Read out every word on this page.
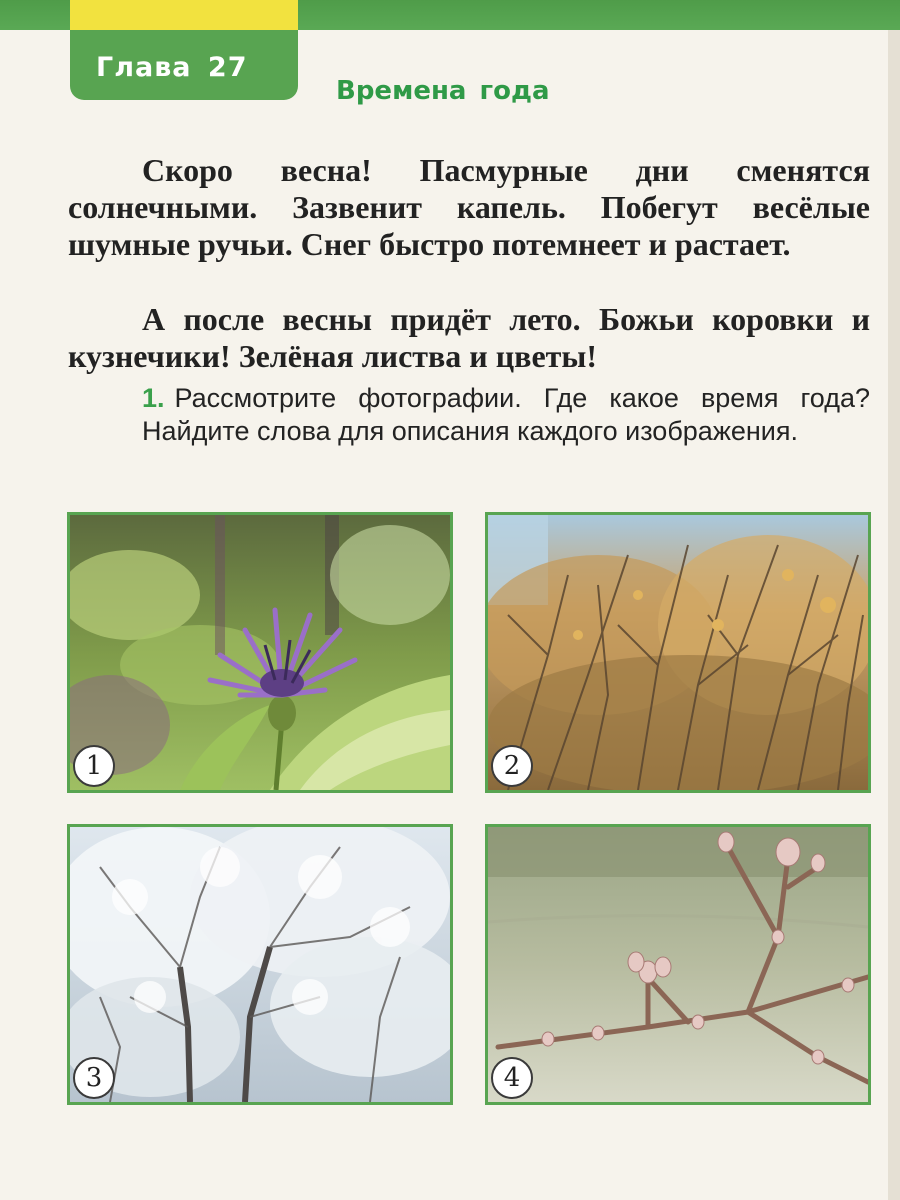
Глава 27
Времена года

Скоро весна! Пасмурные дни сменятся солнечными. Зазвенит капель. Побегут весёлые шумные ручьи. Снег быстро потемнеет и растает.

А после весны придёт лето. Божьи коровки и кузнечики! Зелёная листва и цветы!

1. Рассмотрите фотографии. Где какое время года? Найдите слова для описания каждого изображения.

1	2
3	4
